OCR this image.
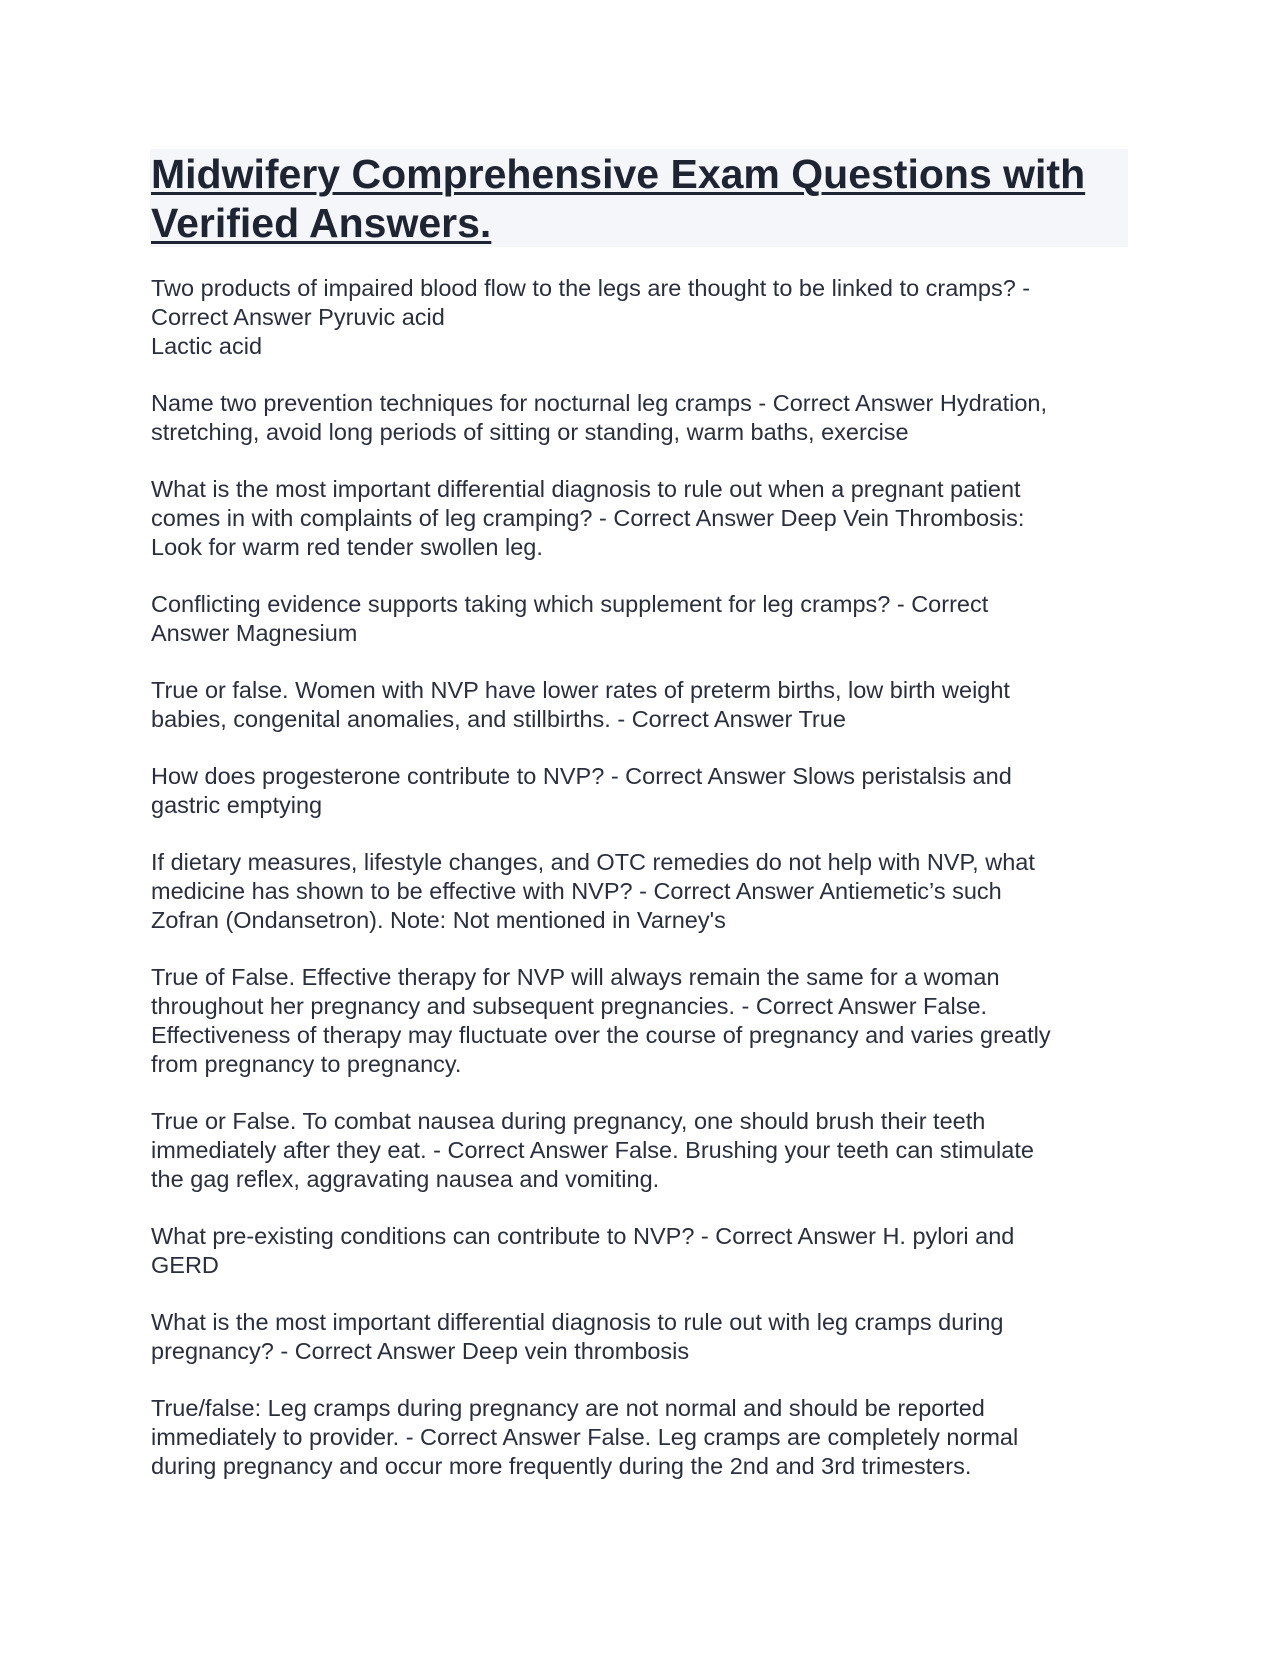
Midwifery Comprehensive Exam Questions with
Verified Answers.

Two products of impaired blood flow to the legs are thought to be linked to cramps? -
Correct Answer Pyruvic acid
Lactic acid

Name two prevention techniques for nocturnal leg cramps - Correct Answer Hydration,
stretching, avoid long periods of sitting or standing, warm baths, exercise

What is the most important differential diagnosis to rule out when a pregnant patient
comes in with complaints of leg cramping? - Correct Answer Deep Vein Thrombosis:
Look for warm red tender swollen leg.

Conflicting evidence supports taking which supplement for leg cramps? - Correct
Answer Magnesium

True or false. Women with NVP have lower rates of preterm births, low birth weight
babies, congenital anomalies, and stillbirths. - Correct Answer True

How does progesterone contribute to NVP? - Correct Answer Slows peristalsis and
gastric emptying

If dietary measures, lifestyle changes, and OTC remedies do not help with NVP, what
medicine has shown to be effective with NVP? - Correct Answer Antiemetic’s such
Zofran (Ondansetron). Note: Not mentioned in Varney's

True of False. Effective therapy for NVP will always remain the same for a woman
throughout her pregnancy and subsequent pregnancies. - Correct Answer False.
Effectiveness of therapy may fluctuate over the course of pregnancy and varies greatly
from pregnancy to pregnancy.

True or False. To combat nausea during pregnancy, one should brush their teeth
immediately after they eat. - Correct Answer False. Brushing your teeth can stimulate
the gag reflex, aggravating nausea and vomiting.

What pre-existing conditions can contribute to NVP? - Correct Answer H. pylori and
GERD

What is the most important differential diagnosis to rule out with leg cramps during
pregnancy? - Correct Answer Deep vein thrombosis

True/false: Leg cramps during pregnancy are not normal and should be reported
immediately to provider. - Correct Answer False. Leg cramps are completely normal
during pregnancy and occur more frequently during the 2nd and 3rd trimesters.
